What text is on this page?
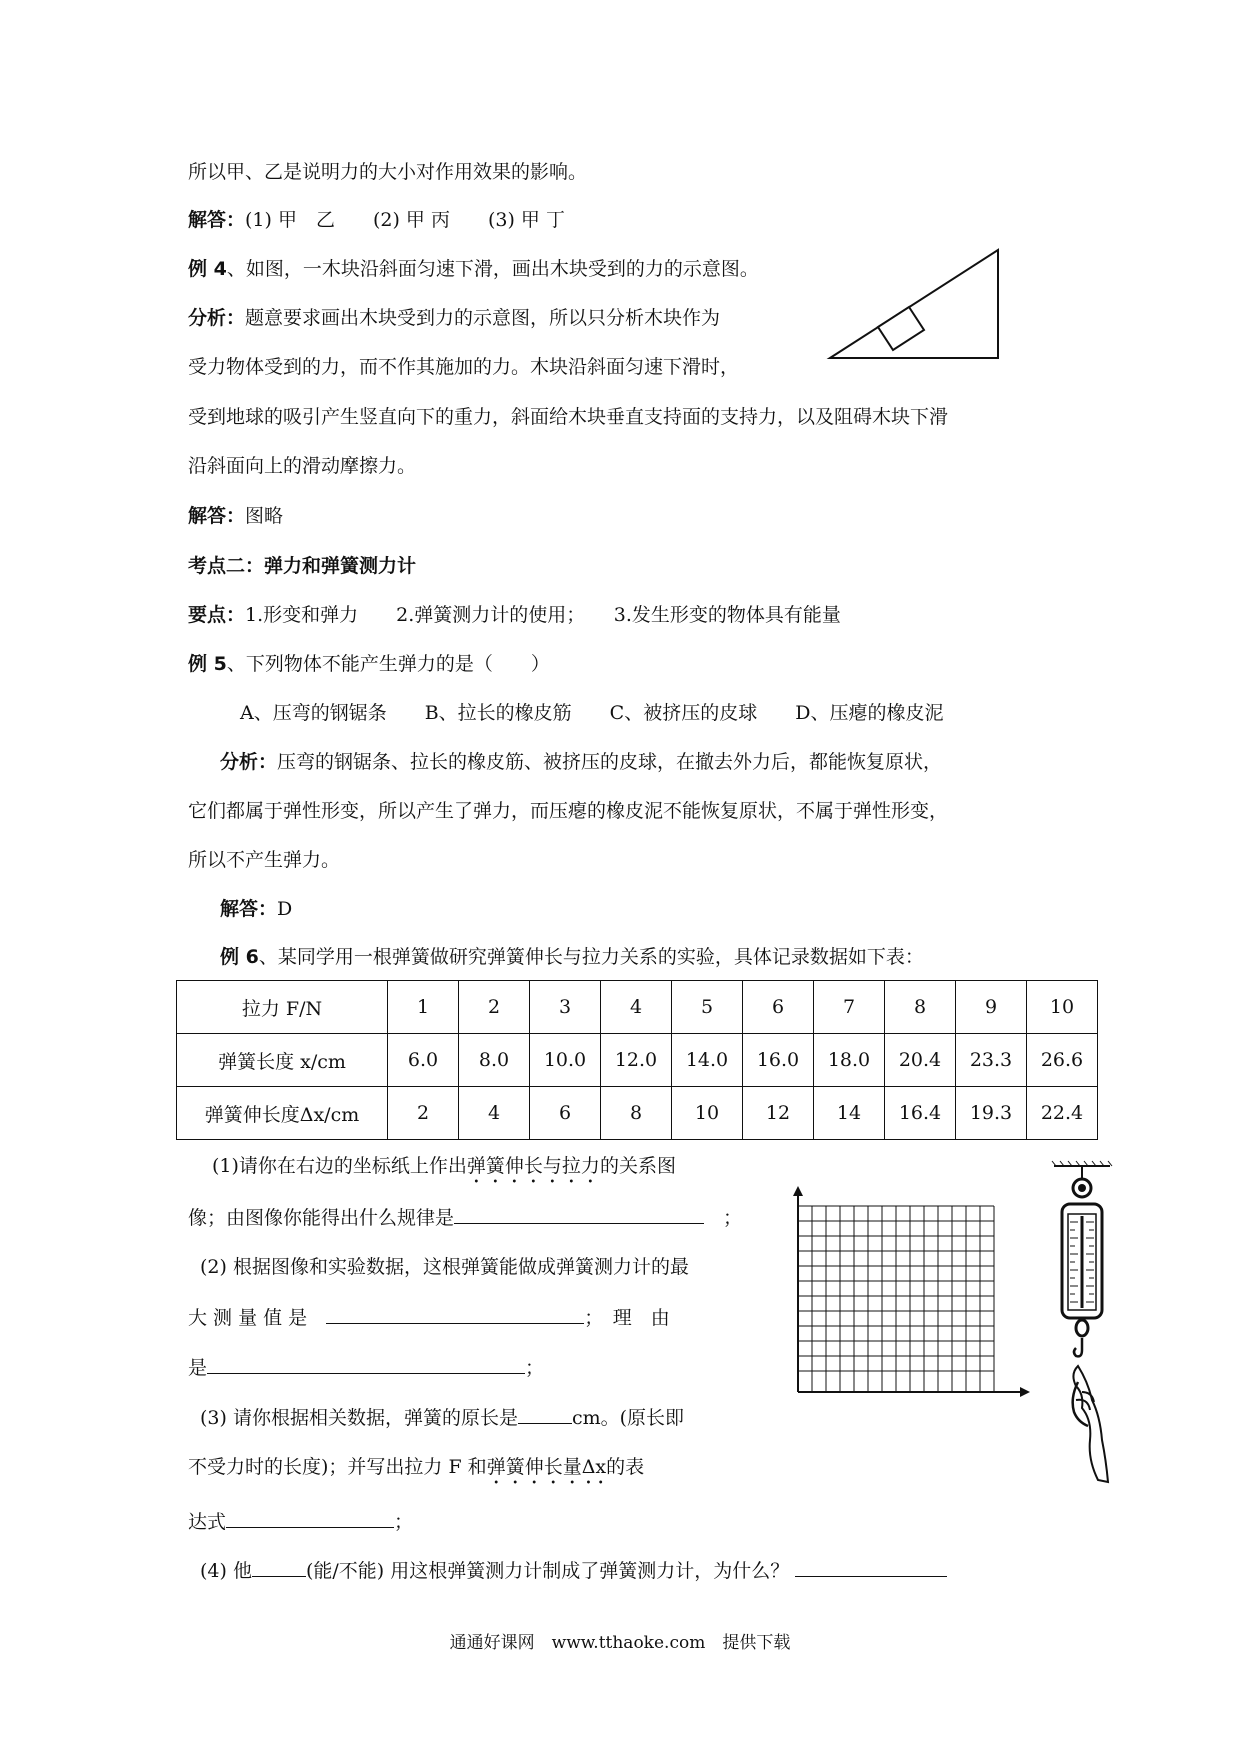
所以甲、乙是说明力的大小对作用效果的影响。
解答：(1) 甲　乙　　(2) 甲 丙　　(3) 甲 丁
例 4、如图，一木块沿斜面匀速下滑，画出木块受到的力的示意图。
分析：题意要求画出木块受到力的示意图，所以只分析木块作为
受力物体受到的力，而不作其施加的力。木块沿斜面匀速下滑时，
受到地球的吸引产生竖直向下的重力，斜面给木块垂直支持面的支持力，以及阻碍木块下滑
沿斜面向上的滑动摩擦力。
解答：图略
考点二：弹力和弹簧测力计
要点：1.形变和弹力　　2.弹簧测力计的使用；　　3.发生形变的物体具有能量
例 5、下列物体不能产生弹力的是（　　）
A、压弯的钢锯条　　B、拉长的橡皮筋　　C、被挤压的皮球　　D、压瘪的橡皮泥
分析：压弯的钢锯条、拉长的橡皮筋、被挤压的皮球，在撤去外力后，都能恢复原状，
它们都属于弹性形变，所以产生了弹力，而压瘪的橡皮泥不能恢复原状，不属于弹性形变，
所以不产生弹力。
解答：D
例 6、某同学用一根弹簧做研究弹簧伸长与拉力关系的实验，具体记录数据如下表：
拉力 F/N	1	2	3	4	5	6	7	8	9	10
弹簧长度 x/cm	6.0	8.0	10.0	12.0	14.0	16.0	18.0	20.4	23.3	26.6
弹簧伸长度Δx/cm	2	4	6	8	10	12	14	16.4	19.3	22.4
(1)请你在右边的坐标纸上作出弹簧伸长与拉力的关系图
像；由图像你能得出什么规律是　	；
(2) 根据图像和实验数据，这根弹簧能做成弹簧测力计的最
大 测 量 值 是　	；　理　由
是	；
(3) 请你根据相关数据，弹簧的原长是	cm。(原长即
不受力时的长度)；并写出拉力 F 和弹簧伸长量Δx的表
达式	；
(4) 他	(能/不能) 用这根弹簧测力计制成了弹簧测力计，为什么？
通通好课网　www.tthaoke.com　提供下载
